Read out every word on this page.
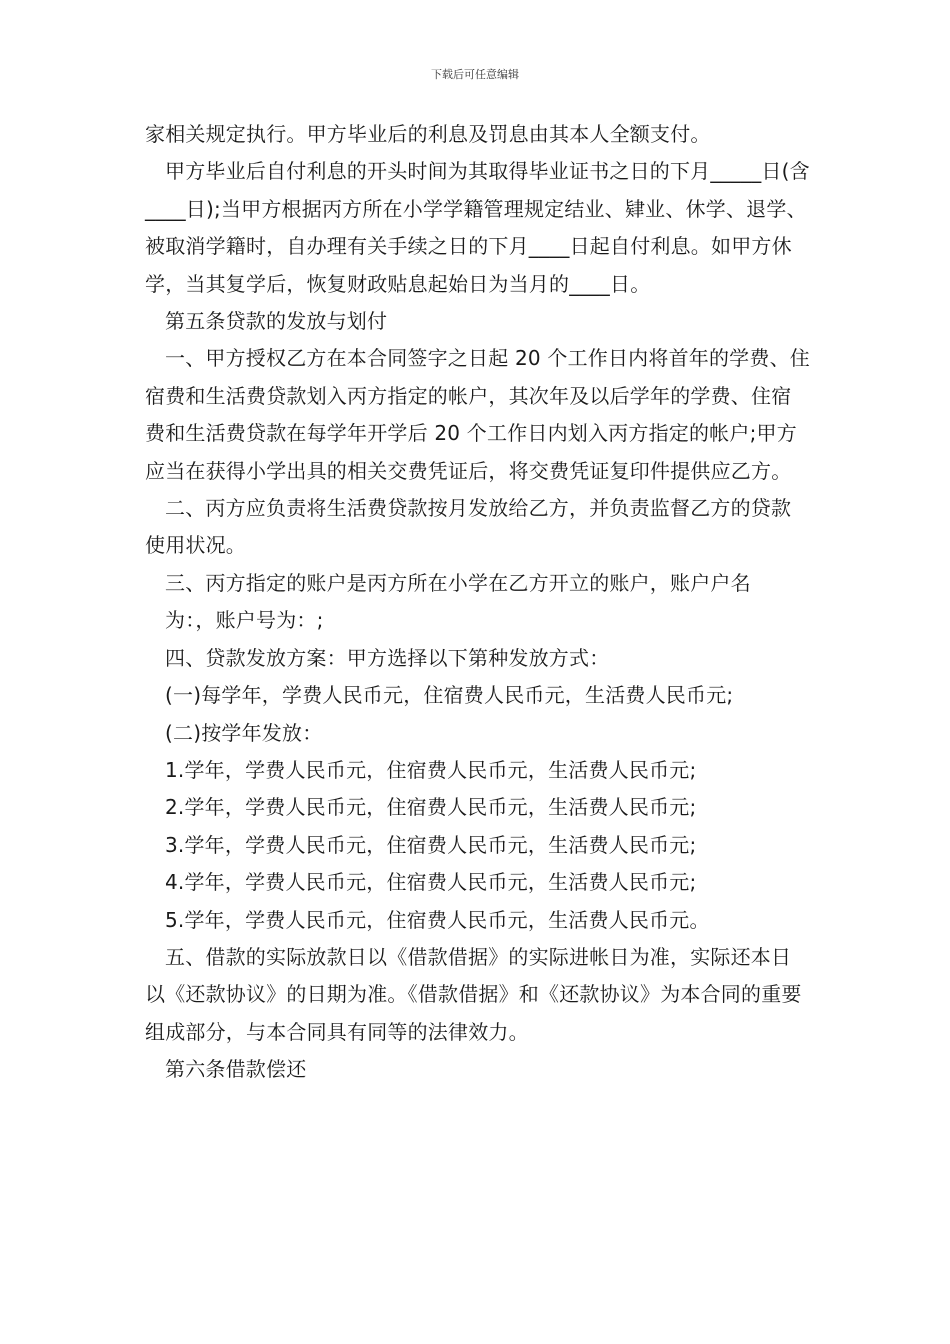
下载后可任意编辑

家相关规定执行。甲方毕业后的利息及罚息由其本人全额支付。

甲方毕业后自付利息的开头时间为其取得毕业证书之日的下月_____日(含____日);当甲方根据丙方所在小学学籍管理规定结业、肄业、休学、退学、被取消学籍时，自办理有关手续之日的下月____日起自付利息。如甲方休学，当其复学后，恢复财政贴息起始日为当月的____日。

第五条贷款的发放与划付

一、甲方授权乙方在本合同签字之日起 20 个工作日内将首年的学费、住宿费和生活费贷款划入丙方指定的帐户，其次年及以后学年的学费、住宿费和生活费贷款在每学年开学后 20 个工作日内划入丙方指定的帐户;甲方应当在获得小学出具的相关交费凭证后，将交费凭证复印件提供应乙方。

二、丙方应负责将生活费贷款按月发放给乙方，并负责监督乙方的贷款使用状况。

三、丙方指定的账户是丙方所在小学在乙方开立的账户，账户户名

为：，账户号为：;

四、贷款发放方案：甲方选择以下第种发放方式：

(一)每学年，学费人民币元，住宿费人民币元，生活费人民币元;

(二)按学年发放：

1.学年，学费人民币元，住宿费人民币元，生活费人民币元;

2.学年，学费人民币元，住宿费人民币元，生活费人民币元;

3.学年，学费人民币元，住宿费人民币元，生活费人民币元;

4.学年，学费人民币元，住宿费人民币元，生活费人民币元;

5.学年，学费人民币元，住宿费人民币元，生活费人民币元。

五、借款的实际放款日以《借款借据》的实际进帐日为准，实际还本日以《还款协议》的日期为准。《借款借据》和《还款协议》为本合同的重要组成部分，与本合同具有同等的法律效力。

第六条借款偿还
